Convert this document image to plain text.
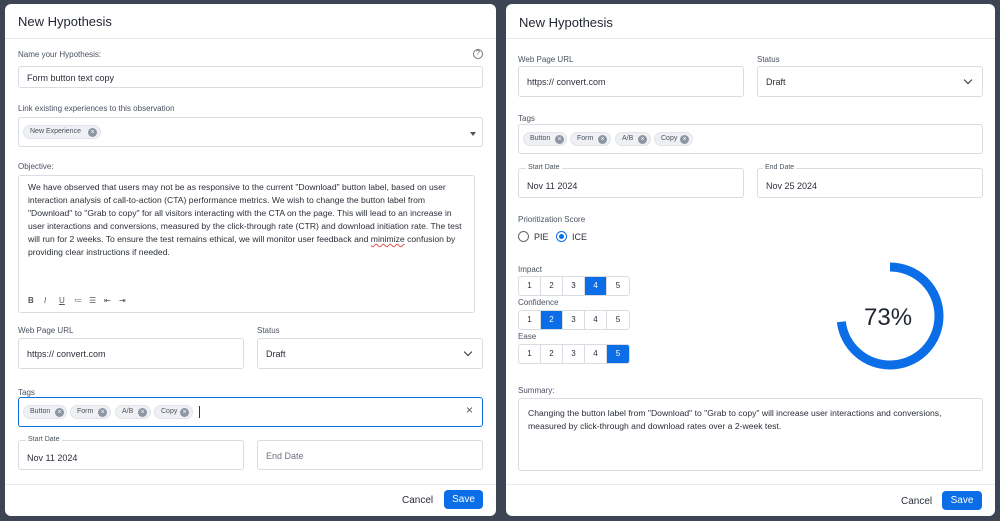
New Hypothesis
Name your Hypothesis:	?
Form button text copy
Link existing experiences to this observation
New Experience	×
Objective:
We have observed that users may not be as responsive to the current "Download" button label, based on user interaction analysis of call-to-action (CTA) performance metrics. We wish to change the button label from "Download" to "Grab to copy" for all visitors interacting with the CTA on the page. This will lead to an increase in user interactions and conversions, measured by the click-through rate (CTR) and download initiation rate. The test will run for 2 weeks. To ensure the test remains ethical, we will monitor user feedback and minimize confusion by providing clear instructions if needed.
B I U ≔ ☰ ⇤ ⇥
Web Page URL
https:// convert.com
Status
Draft
Tags
Button	×	Form	×	A/B	×	Copy ×	×
Start Date
Nov 11 2024	End Date
Cancel	Save
New Hypothesis
Web Page URL
https:// convert.com
Status
Draft
Tags
Button	×	Form	×	A/B	×	Copy ×
Start Date
Nov 11 2024
End Date
Nov 25 2024
Prioritization Score
PIE	ICE
Impact
1	2	3	4	5
Confidence
1	2	3	4	5
Ease
1	2	3	4	5
73%
Summary:
Changing the button label from "Download" to "Grab to copy" will increase user interactions and conversions, measured by click-through and download rates over a 2-week test.
Cancel	Save
